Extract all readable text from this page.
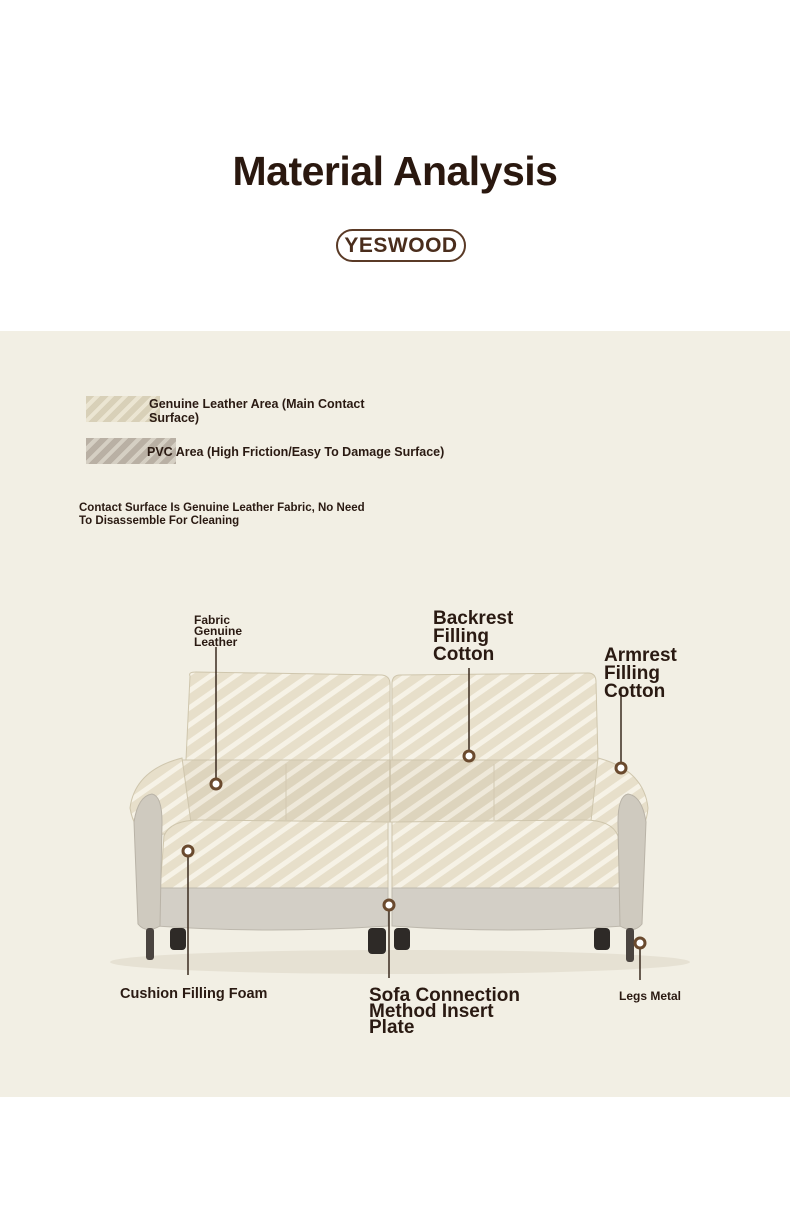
Material Analysis
YESWOOD
Genuine Leather Area (Main Contact Surface)
PVC Area (High Friction/Easy To Damage Surface)
Contact Surface Is Genuine Leather Fabric, No Need To Disassemble For Cleaning
Fabric Genuine Leather
Backrest Filling Cotton	Armrest Filling Cotton
Cushion Filling Foam	Sofa Connection Method Insert Plate
Legs Metal
